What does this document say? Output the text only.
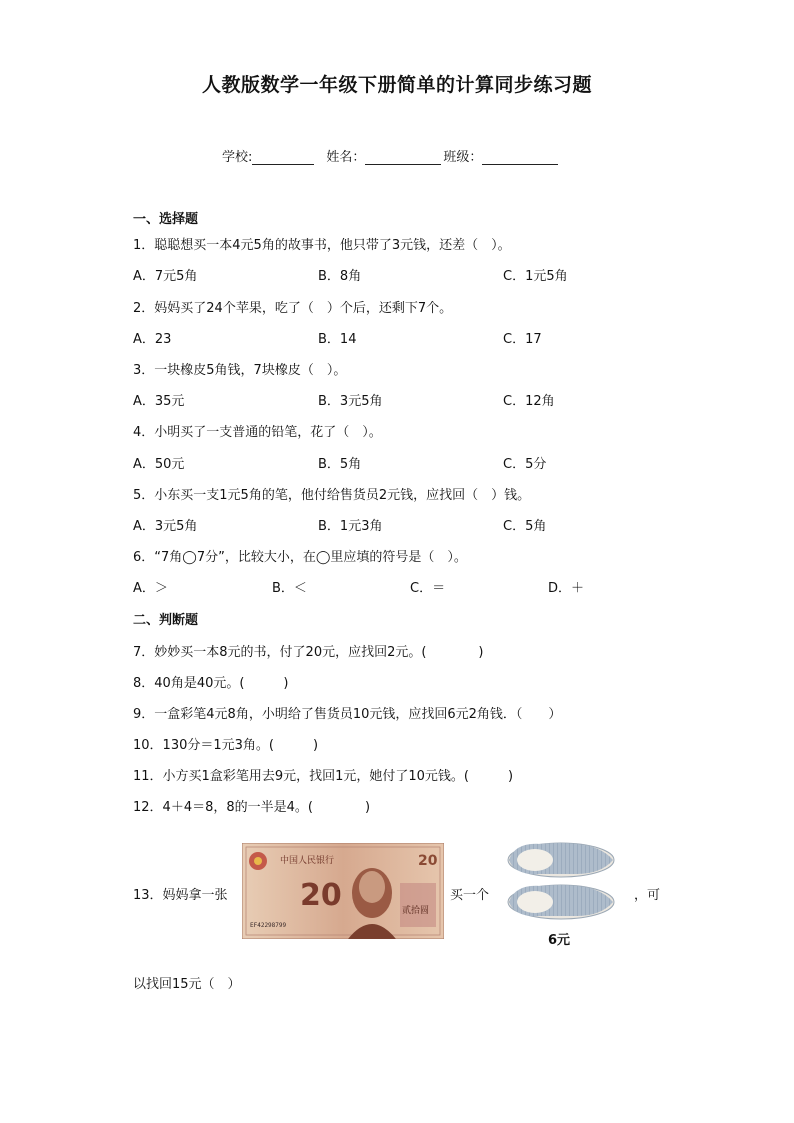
人教版数学一年级下册简单的计算同步练习题
学校:	姓名：	班级：
一、选择题
1．聪聪想买一本4元5角的故事书，他只带了3元钱，还差（　）。
A．7元5角	B．8角	C．1元5角
2．妈妈买了24个苹果，吃了（　）个后，还剩下7个。
A．23	B．14	C．17
3．一块橡皮5角钱，7块橡皮（　）。
A．35元	B．3元5角	C．12角
4．小明买了一支普通的铅笔，花了（　）。
A．50元	B．5角	C．5分
5．小东买一支1元5角的笔，他付给售货员2元钱，应找回（　）钱。
A．3元5角	B．1元3角	C．5角
6．“7角◯7分”，比较大小，在◯里应填的符号是（　）。
A．＞	B．＜	C．＝	D．＋
二、判断题
7．妙妙买一本8元的书，付了20元，应找回2元。(　　　　)
8．40角是40元。(　　　)
9．一盒彩笔4元8角，小明给了售货员10元钱，应找回6元2角钱．（　　）
10．130分＝1元3角。(　　　)
11．小方买1盒彩笔用去9元，找回1元，她付了10元钱。(　　　)
12．4＋4＝8，8的一半是4。(　　　　)
13．妈妈拿一张
中国人民银行
20
20
贰拾圆
EF42298799
买一个
6元
，可
以找回15元（　）
